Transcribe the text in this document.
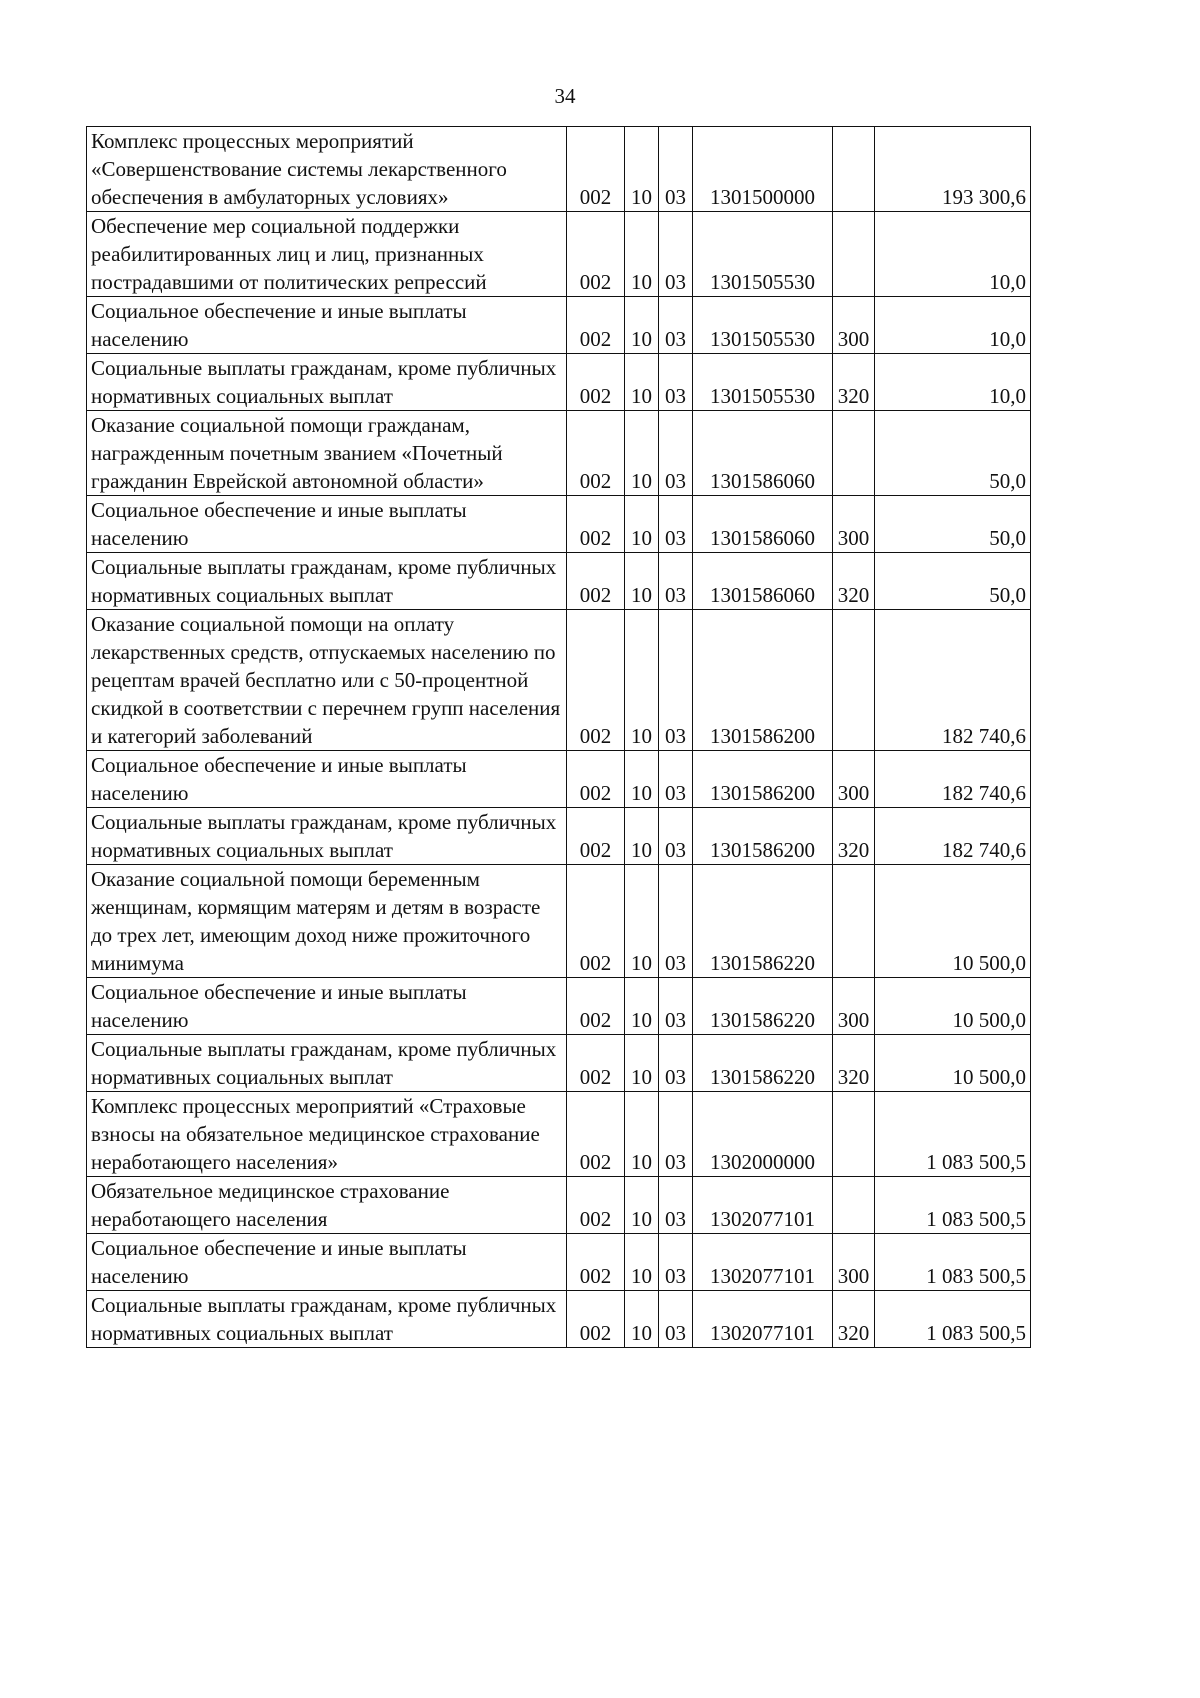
34
Комплекс процессных мероприятий «Совершенствование системы лекарственного обеспечения в амбулаторных условиях»	002	10	03	1301500000		193 300,6
Обеспечение мер социальной поддержки реабилитированных лиц и лиц, признанных пострадавшими от политических репрессий	002	10	03	1301505530		10,0
Социальное обеспечение и иные выплаты населению	002	10	03	1301505530	300	10,0
Социальные выплаты гражданам, кроме публичных нормативных социальных выплат	002	10	03	1301505530	320	10,0
Оказание социальной помощи гражданам, награжденным почетным званием «Почетный гражданин Еврейской автономной области»	002	10	03	1301586060		50,0
Социальное обеспечение и иные выплаты населению	002	10	03	1301586060	300	50,0
Социальные выплаты гражданам, кроме публичных нормативных социальных выплат	002	10	03	1301586060	320	50,0
Оказание социальной помощи на оплату лекарственных средств, отпускаемых населению по рецептам врачей бесплатно или с 50-процентной скидкой в соответствии с перечнем групп населения и категорий заболеваний	002	10	03	1301586200		182 740,6
Социальное обеспечение и иные выплаты населению	002	10	03	1301586200	300	182 740,6
Социальные выплаты гражданам, кроме публичных нормативных социальных выплат	002	10	03	1301586200	320	182 740,6
Оказание социальной помощи беременным женщинам, кормящим матерям и детям в возрасте до трех лет, имеющим доход ниже прожиточного минимума	002	10	03	1301586220		10 500,0
Социальное обеспечение и иные выплаты населению	002	10	03	1301586220	300	10 500,0
Социальные выплаты гражданам, кроме публичных нормативных социальных выплат	002	10	03	1301586220	320	10 500,0
Комплекс процессных мероприятий «Страховые взносы на обязательное медицинское страхование неработающего населения»	002	10	03	1302000000		1 083 500,5
Обязательное медицинское страхование неработающего населения	002	10	03	1302077101		1 083 500,5
Социальное обеспечение и иные выплаты населению	002	10	03	1302077101	300	1 083 500,5
Социальные выплаты гражданам, кроме публичных нормативных социальных выплат	002	10	03	1302077101	320	1 083 500,5
